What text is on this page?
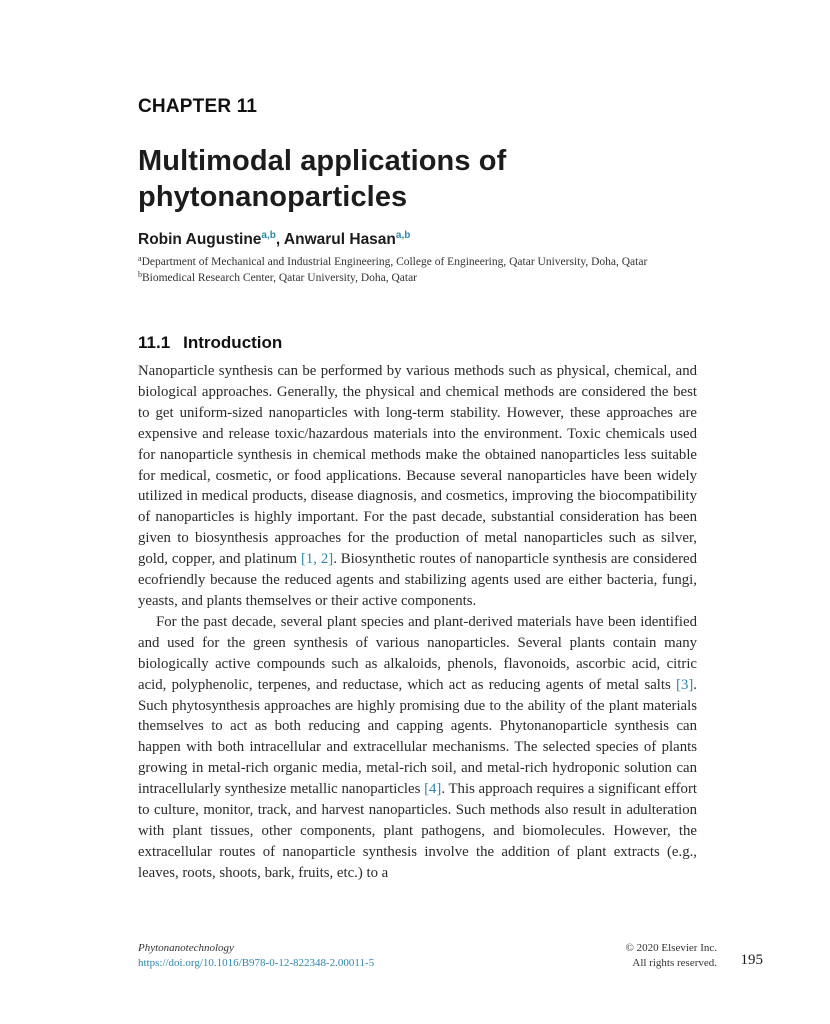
CHAPTER 11
Multimodal applications of
phytonanoparticles
Robin Augustine$^{a,b}$, Anwarul Hasan$^{a,b}$
$^a$Department of Mechanical and Industrial Engineering, College of Engineering, Qatar University, Doha, Qatar
$^b$Biomedical Research Center, Qatar University, Doha, Qatar
11.1 Introduction

Nanoparticle synthesis can be performed by various methods such as physical, chemical, and biological approaches. Generally, the physical and chemical methods are considered the best to get uniform-sized nanoparticles with long-term stability. However, these approaches are expensive and release toxic/hazardous materials into the environment. Toxic chemicals used for nanoparticle synthesis in chemical methods make the obtained nanoparticles less suitable for medical, cosmetic, or food applications. Because several nanoparticles have been widely utilized in medical products, disease diagnosis, and cosmetics, improving the biocompatibility of nanoparticles is highly important. For the past decade, substantial consideration has been given to biosynthesis approaches for the production of metal nanoparticles such as silver, gold, copper, and platinum [1, 2]. Biosynthetic routes of nanoparticle synthesis are considered ecofriendly because the reduced agents and stabilizing agents used are either bacteria, fungi, yeasts, and plants themselves or their active components.

For the past decade, several plant species and plant-derived materials have been identified and used for the green synthesis of various nanoparticles. Several plants contain many biologically active compounds such as alkaloids, phenols, flavonoids, ascorbic acid, citric acid, polyphenolic, terpenes, and reductase, which act as reducing agents of metal salts [3]. Such phytosynthesis approaches are highly promising due to the ability of the plant materials themselves to act as both reducing and capping agents. Phytonanoparticle synthesis can happen with both intracellular and extracellular mechanisms. The selected species of plants growing in metal-rich organic media, metal-rich soil, and metal-rich hydroponic solution can intracellularly synthesize metallic nanoparticles [4]. This approach requires a significant effort to culture, monitor, track, and harvest nanoparticles. Such methods also result in adulteration with plant tissues, other components, plant pathogens, and biomolecules. However, the extracellular routes of nanoparticle synthesis involve the addition of plant extracts (e.g., leaves, roots, shoots, bark, fruits, etc.) to a

Phytonanotechnology
https://doi.org/10.1016/B978-0-12-822348-2.00011-5
© 2020 Elsevier Inc.
All rights reserved. 195
